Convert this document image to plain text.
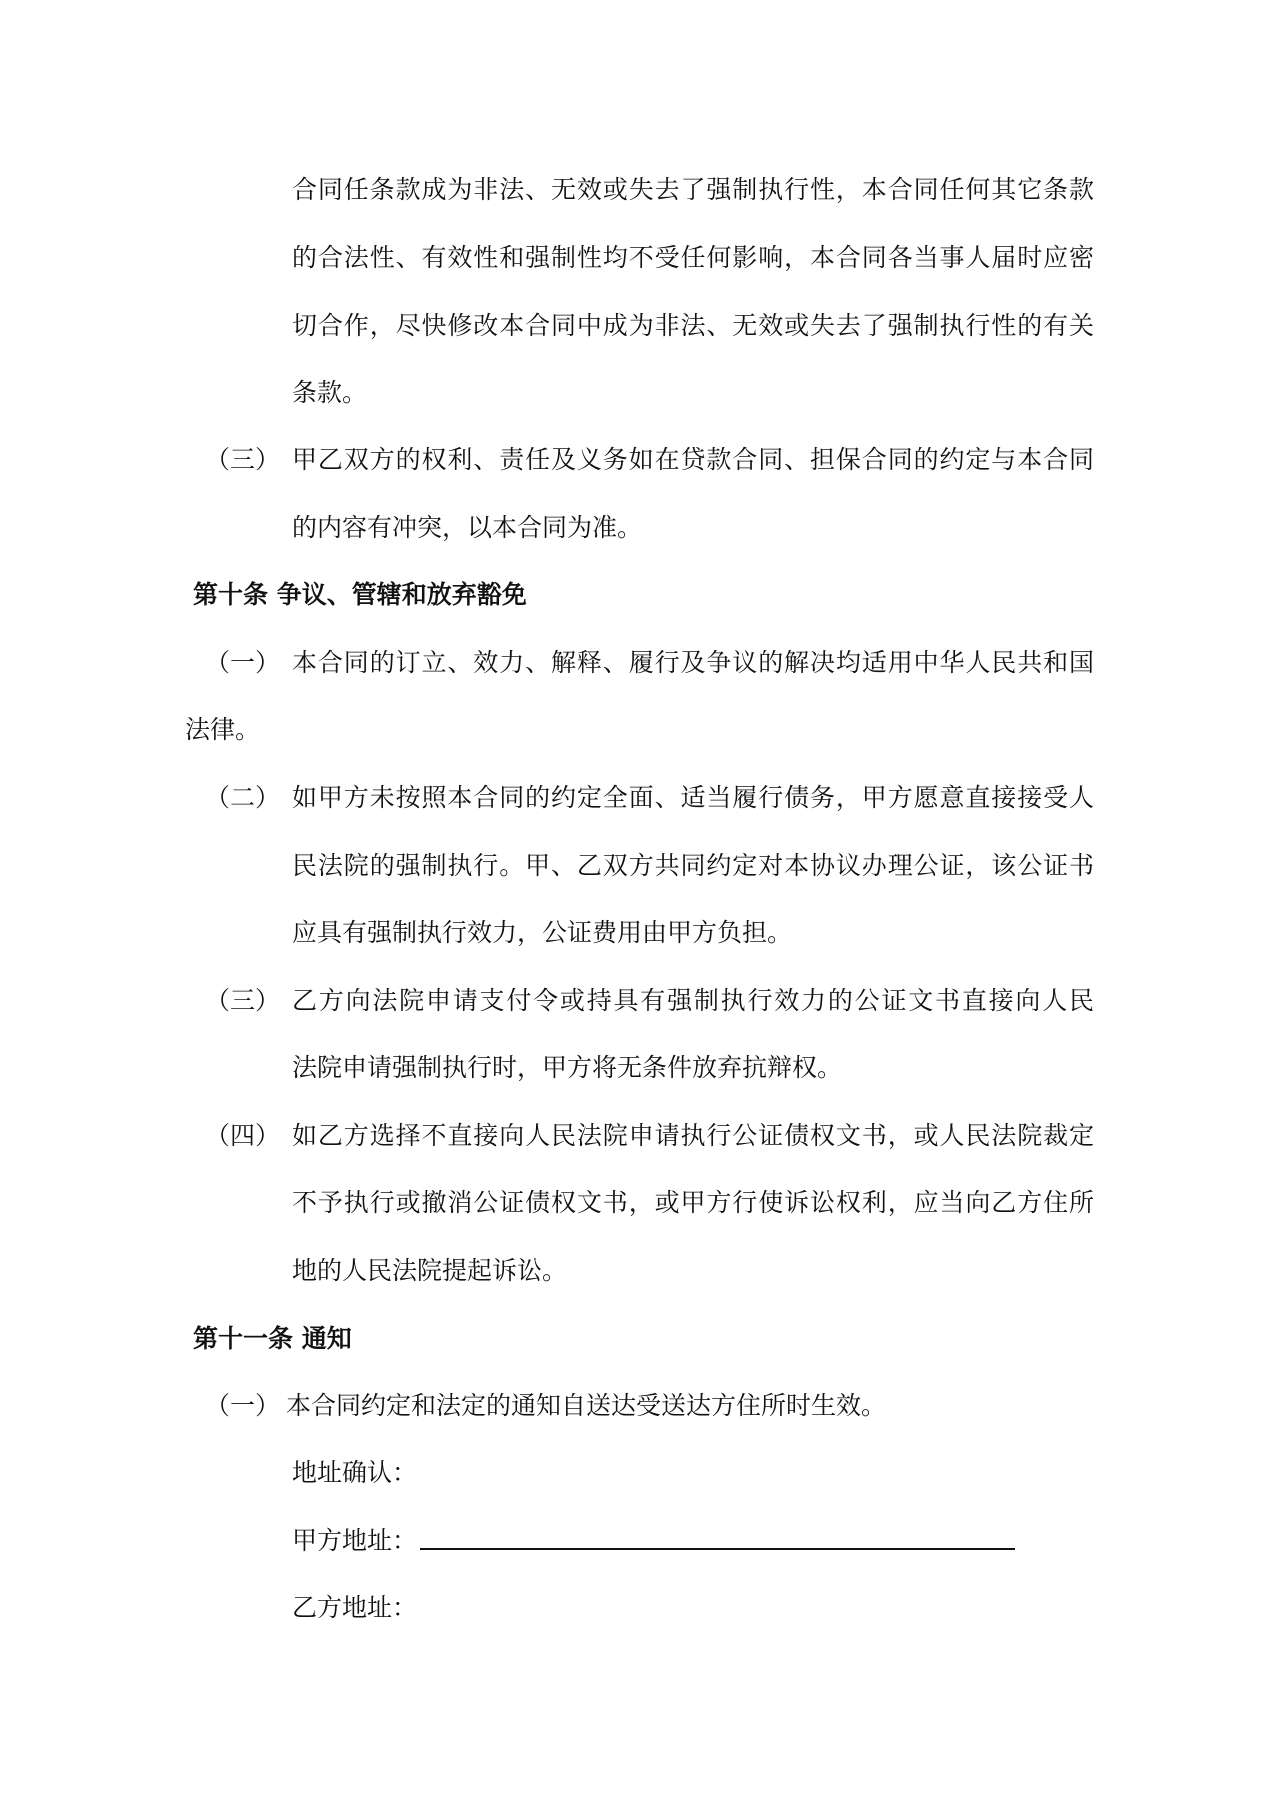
合同任条款成为非法、无效或失去了强制执行性，本合同任何其它条款
的合法性、有效性和强制性均不受任何影响，本合同各当事人届时应密
切合作，尽快修改本合同中成为非法、无效或失去了强制执行性的有关
条款。
（三） 甲乙双方的权利、责任及义务如在贷款合同、担保合同的约定与本合同
的内容有冲突，以本合同为准。
第十条 争议、管辖和放弃豁免
（一） 本合同的订立、效力、解释、履行及争议的解决均适用中华人民共和国
法律。
（二） 如甲方未按照本合同的约定全面、适当履行债务，甲方愿意直接接受人
民法院的强制执行。甲、乙双方共同约定对本协议办理公证，该公证书
应具有强制执行效力，公证费用由甲方负担。
（三） 乙方向法院申请支付令或持具有强制执行效力的公证文书直接向人民
法院申请强制执行时，甲方将无条件放弃抗辩权。
（四） 如乙方选择不直接向人民法院申请执行公证债权文书，或人民法院裁定
不予执行或撤消公证债权文书，或甲方行使诉讼权利，应当向乙方住所
地的人民法院提起诉讼。
第十一条 通知
（一） 本合同约定和法定的通知自送达受送达方住所时生效。
地址确认：
甲方地址：
乙方地址：
